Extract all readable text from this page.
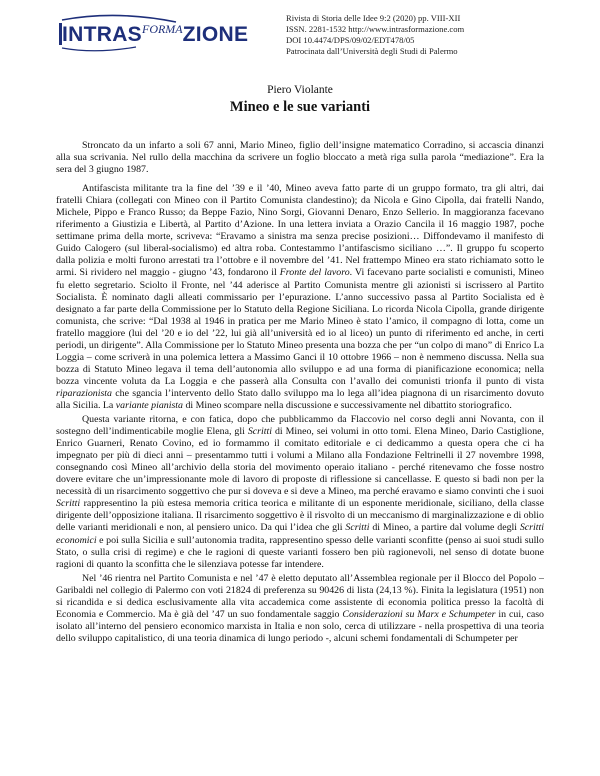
$INTRAS^{FORMA}ZIONE$
Rivista di Storia delle Idee 9:2 (2020) pp. VIII-XII
ISSN. 2281-1532 http://www.intrasformazione.com
DOI 10.4474/DPS/09/02/EDT478/05
Patrocinata dall’Università degli Studi di Palermo
Piero Violante
Mineo e le sue varianti

Stroncato da un infarto a soli 67 anni, Mario Mineo, figlio dell’insigne matematico Corradino, si accascia dinanzi alla sua scrivania. Nel rullo della macchina da scrivere un foglio bloccato a metà riga sulla parola “mediazione”. Era la sera del 3 giugno 1987.

Antifascista militante tra la fine del ’39 e il ’40, Mineo aveva fatto parte di un gruppo formato, tra gli altri, dai fratelli Chiara (collegati con Mineo con il Partito Comunista clandestino); da Nicola e Gino Cipolla, dai fratelli Nando, Michele, Pippo e Franco Russo; da Beppe Fazio, Nino Sorgi, Giovanni Denaro, Enzo Sellerio. In maggioranza facevano riferimento a Giustizia e Libertà, al Partito d’Azione. In una lettera inviata a Orazio Cancila il 16 maggio 1987, poche settimane prima della morte, scriveva: “Eravamo a sinistra ma senza precise posizioni… Diffondevamo il manifesto di Guido Calogero (sul liberal-socialismo) ed altra roba. Contestammo l’antifascismo siciliano …”. Il gruppo fu scoperto dalla polizia e molti furono arrestati tra l’ottobre e il novembre del ’41. Nel frattempo Mineo era stato richiamato sotto le armi. Si rividero nel maggio - giugno ’43, fondarono il Fronte del lavoro. Vi facevano parte socialisti e comunisti, Mineo fu eletto segretario. Sciolto il Fronte, nel ’44 aderisce al Partito Comunista mentre gli azionisti si iscrissero al Partito Socialista. È nominato dagli alleati commissario per l’epurazione. L’anno successivo passa al Partito Socialista ed è designato a far parte della Commissione per lo Statuto della Regione Siciliana. Lo ricorda Nicola Cipolla, grande dirigente comunista, che scrive: “Dal 1938 al 1946 in pratica per me Mario Mineo è stato l’amico, il compagno di lotta, come un fratello maggiore (lui del ’20 e io del ’22, lui già all’università ed io al liceo) un punto di riferimento ed anche, in certi periodi, un dirigente”. Alla Commissione per lo Statuto Mineo presenta una bozza che per “un colpo di mano” di Enrico La Loggia – come scriverà in una polemica lettera a Massimo Ganci il 10 ottobre 1966 – non è nemmeno discussa. Nella sua bozza di Statuto Mineo legava il tema dell’autonomia allo sviluppo e ad una forma di pianificazione economica; nella bozza vincente voluta da La Loggia e che passerà alla Consulta con l’avallo dei comunisti trionfa il punto di vista riparazionista che sgancia l’intervento dello Stato dallo sviluppo ma lo lega all’idea piagnona di un risarcimento dovuto alla Sicilia. La variante pianista di Mineo scompare nella discussione e successivamente nel dibattito storiografico.

Questa variante ritorna, e con fatica, dopo che pubblicammo da Flaccovio nel corso degli anni Novanta, con il sostegno dell’indimenticabile moglie Elena, gli Scritti di Mineo, sei volumi in otto tomi. Elena Mineo, Dario Castiglione, Enrico Guarneri, Renato Covino, ed io formammo il comitato editoriale e ci dedicammo a questa opera che ci ha impegnato per più di dieci anni – presentammo tutti i volumi a Milano alla Fondazione Feltrinelli il 27 novembre 1998, consegnando così Mineo all’archivio della storia del movimento operaio italiano - perché ritenevamo che fosse nostro dovere evitare che un’impressionante mole di lavoro di proposte di riflessione si cancellasse. E questo si badi non per la necessità di un risarcimento soggettivo che pur si doveva e si deve a Mineo, ma perché eravamo e siamo convinti che i suoi Scritti rappresentino la più estesa memoria critica teorica e militante di un esponente meridionale, siciliano, della classe dirigente dell’opposizione italiana. Il risarcimento soggettivo è il risvolto di un meccanismo di marginalizzazione e di oblio delle varianti meridionali e non, al pensiero unico. Da qui l’idea che gli Scritti di Mineo, a partire dal volume degli Scritti economici e poi sulla Sicilia e sull’autonomia tradita, rappresentino spesso delle varianti sconfitte (penso ai suoi studi sullo Stato, o sulla crisi di regime) e che le ragioni di queste varianti fossero ben più ragionevoli, nel senso di dotate buone ragioni di quanto la sconfitta che le silenziava potesse far intendere.

Nel ’46 rientra nel Partito Comunista e nel ’47 è eletto deputato all’Assemblea regionale per il Blocco del Popolo – Garibaldi nel collegio di Palermo con voti 21824 di preferenza su 90426 di lista (24,13 %). Finita la legislatura (1951) non si ricandida e si dedica esclusivamente alla vita accademica come assistente di economia politica presso la facoltà di Economia e Commercio. Ma è già del ’47 un suo fondamentale saggio Considerazioni su Marx e Schumpeter in cui, caso isolato all’interno del pensiero economico marxista in Italia e non solo, cerca di utilizzare - nella prospettiva di una teoria dello sviluppo capitalistico, di una teoria dinamica di lungo periodo -, alcuni schemi fondamentali di Schumpeter per
